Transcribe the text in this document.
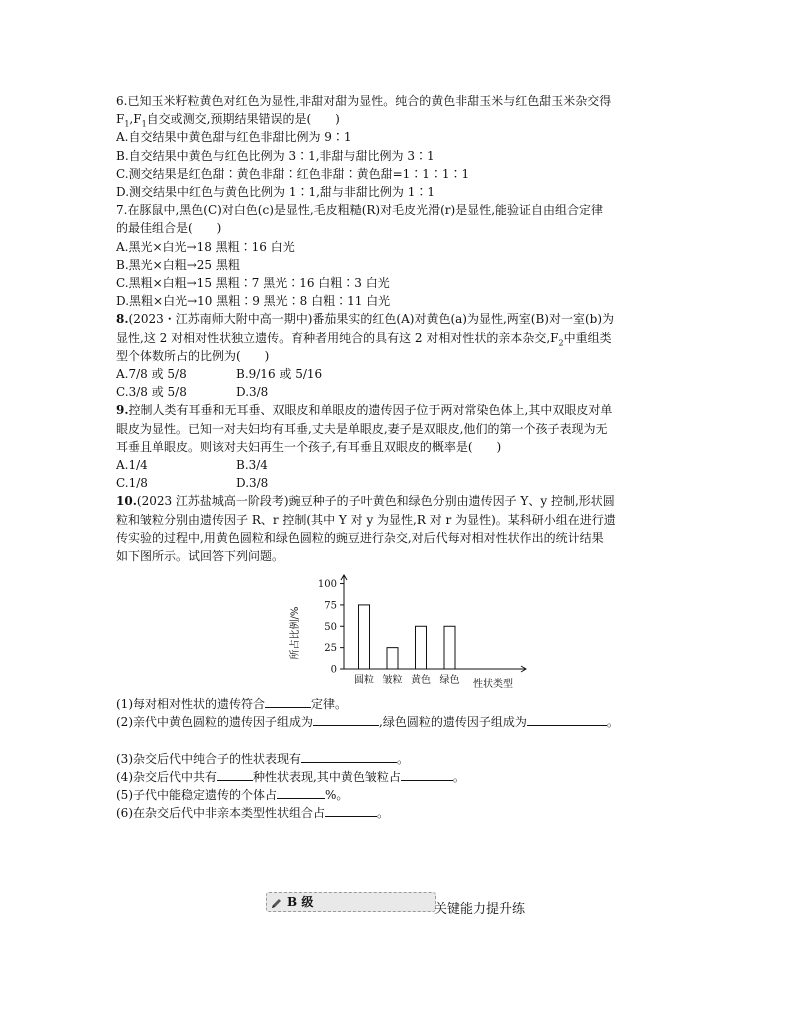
6.已知玉米籽粒黄色对红色为显性,非甜对甜为显性。纯合的黄色非甜玉米与红色甜玉米杂交得
$F_1,F_1$自交或测交,预期结果错误的是(　　)
A.自交结果中黄色甜与红色非甜比例为 9∶1
B.自交结果中黄色与红色比例为 3∶1,非甜与甜比例为 3∶1
C.测交结果是红色甜∶黄色非甜∶红色非甜∶黄色甜=1∶1∶1∶1
D.测交结果中红色与黄色比例为 1∶1,甜与非甜比例为 1∶1
7.在豚鼠中,黑色(C)对白色(c)是显性,毛皮粗糙(R)对毛皮光滑(r)是显性,能验证自由组合定律
的最佳组合是(　　)
A.黑光×白光→18 黑粗∶16 白光
B.黑光×白粗→25 黑粗
C.黑粗×白粗→15 黑粗∶7 黑光∶16 白粗∶3 白光
D.黑粗×白光→10 黑粗∶9 黑光∶8 白粗∶11 白光
8.(2023・江苏南师大附中高一期中)番茄果实的红色(A)对黄色(a)为显性,两室(B)对一室(b)为
显性,这 2 对相对性状独立遗传。育种者用纯合的具有这 2 对相对性状的亲本杂交$,F_2$中重组类
型个体数所占的比例为(　　)
A.7/8 或 5/8	B.9/16 或 5/16
C.3/8 或 5/8	D.3/8
9.控制人类有耳垂和无耳垂、双眼皮和单眼皮的遗传因子位于两对常染色体上,其中双眼皮对单
眼皮为显性。已知一对夫妇均有耳垂,丈夫是单眼皮,妻子是双眼皮,他们的第一个孩子表现为无
耳垂且单眼皮。则该对夫妇再生一个孩子,有耳垂且双眼皮的概率是(　　)
A.1/4	B.3/4
C.1/8	D.3/8
10.(2023 江苏盐城高一阶段考)豌豆种子的子叶黄色和绿色分别由遗传因子 Y、y 控制,形状圆
粒和皱粒分别由遗传因子 R、r 控制(其中 Y 对 y 为显性,R 对 r 为显性)。某科研小组在进行遗
传实验的过程中,用黄色圆粒和绿色圆粒的豌豆进行杂交,对后代每对相对性状作出的统计结果
如下图所示。试回答下列问题。
所占比例/%
0
25
50
75
100
圆粒 皱粒 黄色 绿色 性状类型
(1)每对相对性状的遗传符合	定律。
(2)亲代中黄色圆粒的遗传因子组成为	,绿色圆粒的遗传因子组成为	。
(3)杂交后代中纯合子的性状表现有	。
(4)杂交后代中共有	种性状表现,其中黄色皱粒占	。
(5)子代中能稳定遗传的个体占	%。
(6)在杂交后代中非亲本类型性状组合占	。
B 级	关键能力提升练
